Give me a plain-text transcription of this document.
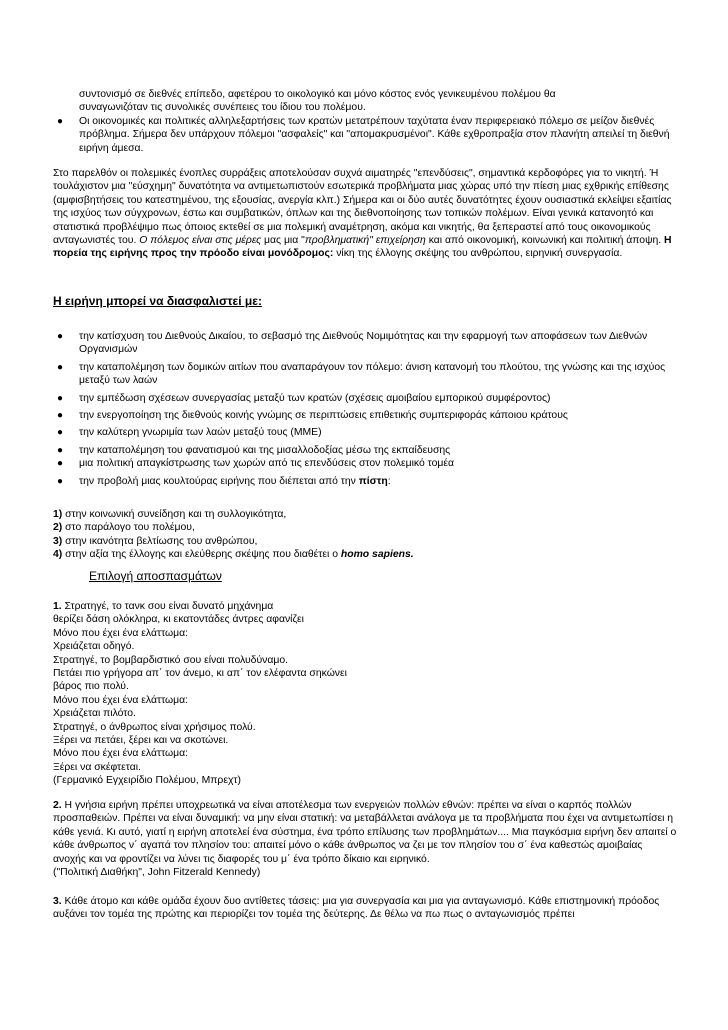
συντονισμό σε διεθνές επίπεδο, αφετέρου το οικολογικό και μόνο κόστος ενός γενικευμένου πολέμου θα

συναγωνιζόταν τις συνολικές συνέπειες του ίδιου του πολέμου.

● Οι οικονομικές και πολιτικές αλληλεξαρτήσεις των κρατών μετατρέπουν ταχύτατα έναν περιφερειακό πόλεμο σε μείζον διεθνές πρόβλημα. Σήμερα δεν υπάρχουν πόλεμοι "ασφαλείς" και "απομακρυσμένοι". Κάθε εχθροπραξία στον πλανήτη απειλεί τη διεθνή ειρήνη άμεσα.

Στο παρελθόν οι πολεμικές ένοπλες συρράξεις αποτελούσαν συχνά αιματηρές "επενδύσεις", σημαντικά κερδοφόρες για το νικητή. Ή τουλάχιστον μια "εύσχημη" δυνατότητα να αντιμετωπιστούν εσωτερικά προβλήματα μιας χώρας υπό την πίεση μιας εχθρικής επίθεσης (αμφισβητήσεις του κατεστημένου, της εξουσίας, ανεργία κλπ.) Σήμερα και οι δύο αυτές δυνατότητες έχουν ουσιαστικά εκλείψει εξαιτίας της ισχύος των σύγχρονων, έστω και συμβατικών, όπλων και της διεθνοποίησης των τοπικών πολέμων. Είναι γενικά κατανοητό και στατιστικά προβλέψιμο πως όποιος εκτεθεί σε μια πολεμική αναμέτρηση, ακόμα και νικητής, θα ξεπεραστεί από τους οικονομικούς ανταγωνιστές του. Ο πόλεμος είναι στις μέρες μας μια "προβληματική" επιχείρηση και από οικονομική, κοινωνική και πολιτική άποψη. Η πορεία της ειρήνης προς την πρόοδο είναι μονόδρομος: νίκη της έλλογης σκέψης του ανθρώπου, ειρηνική συνεργασία.

Η ειρήνη μπορεί να διασφαλιστεί με:

● την κατίσχυση του Διεθνούς Δικαίου, το σεβασμό της Διεθνούς Νομιμότητας και την εφαρμογή των αποφάσεων των Διεθνών Οργανισμών

● την καταπολέμηση των δομικών αιτίων που αναπαράγουν τον πόλεμο: άνιση κατανομή του πλούτου, της γνώσης και της ισχύος μεταξύ των λαών

● την εμπέδωση σχέσεων συνεργασίας μεταξύ των κρατών (σχέσεις αμοιβαίου εμπορικού συμφέροντος)

● την ενεργοποίηση της διεθνούς κοινής γνώμης σε περιπτώσεις επιθετικής συμπεριφοράς κάποιου κράτους

● την καλύτερη γνωριμία των λαών μεταξύ τους (ΜΜΕ)

● την καταπολέμηση του φανατισμού και της μισαλλοδοξίας μέσω της εκπαίδευσης

● μια πολιτική απαγκίστρωσης των χωρών από τις επενδύσεις στον πολεμικό τομέα

● την προβολή μιας κουλτούρας ειρήνης που διέπεται από την πίστη:

1) στην κοινωνική συνείδηση και τη συλλογικότητα,

2) στο παράλογο του πολέμου,

3) στην ικανότητα βελτίωσης του ανθρώπου,

4) στην αξία της έλλογης και ελεύθερης σκέψης που διαθέτει ο homo sapiens.

Επιλογή αποσπασμάτων

1. Στρατηγέ, το τανκ σου είναι δυνατό μηχάνημα

θερίζει δάση ολόκληρα, κι εκατοντάδες άντρες αφανίζει

Μόνο που έχει ένα ελάττωμα:

Χρειάζεται οδηγό.

Στρατηγέ, το βομβαρδιστικό σου είναι πολυδύναμο.

Πετάει πιο γρήγορα απ΄ τον άνεμο, κι απ΄ τον ελέφαντα σηκώνει

βάρος πιο πολύ.

Μόνο που έχει ένα ελάττωμα:

Χρειάζεται πιλότο.

Στρατηγέ, ο άνθρωπος είναι χρήσιμος πολύ.

Ξέρει να πετάει, ξέρει και να σκοτώνει.

Μόνο που έχει ένα ελάττωμα:

Ξέρει να σκέφτεται.

(Γερμανικό Εγχειρίδιο Πολέμου, Μπρεχτ)

2. Η γνήσια ειρήνη πρέπει υποχρεωτικά να είναι αποτέλεσμα των ενεργειών πολλών εθνών: πρέπει να είναι ο καρπός πολλών προσπαθειών. Πρέπει να είναι δυναμική: να μην είναι στατική: να μεταβάλλεται ανάλογα με τα προβλήματα που έχει να αντιμετωπίσει η κάθε γενιά. Κι αυτό, γιατί η ειρήνη αποτελεί ένα σύστημα, ένα τρόπο επίλυσης των προβλημάτων.... Μια παγκόσμια ειρήνη δεν απαιτεί ο κάθε άνθρωπος ν΄ αγαπά τον πλησίον του: απαιτεί μόνο ο κάθε άνθρωπος να ζει με τον πλησίον του σ΄ ένα καθεστώς αμοιβαίας ανοχής και να φροντίζει να λύνει τις διαφορές του μ΄ ένα τρόπο δίκαιο και ειρηνικό.

("Πολιτική Διαθήκη", John Fitzerald Kennedy)

3. Κάθε άτομο και κάθε ομάδα έχουν δυο αντίθετες τάσεις: μια για συνεργασία και μια για ανταγωνισμό. Κάθε επιστημονική πρόοδος αυξάνει τον τομέα της πρώτης και περιορίζει τον τομέα της δεύτερης. Δε θέλω να πω πως ο ανταγωνισμός πρέπει
